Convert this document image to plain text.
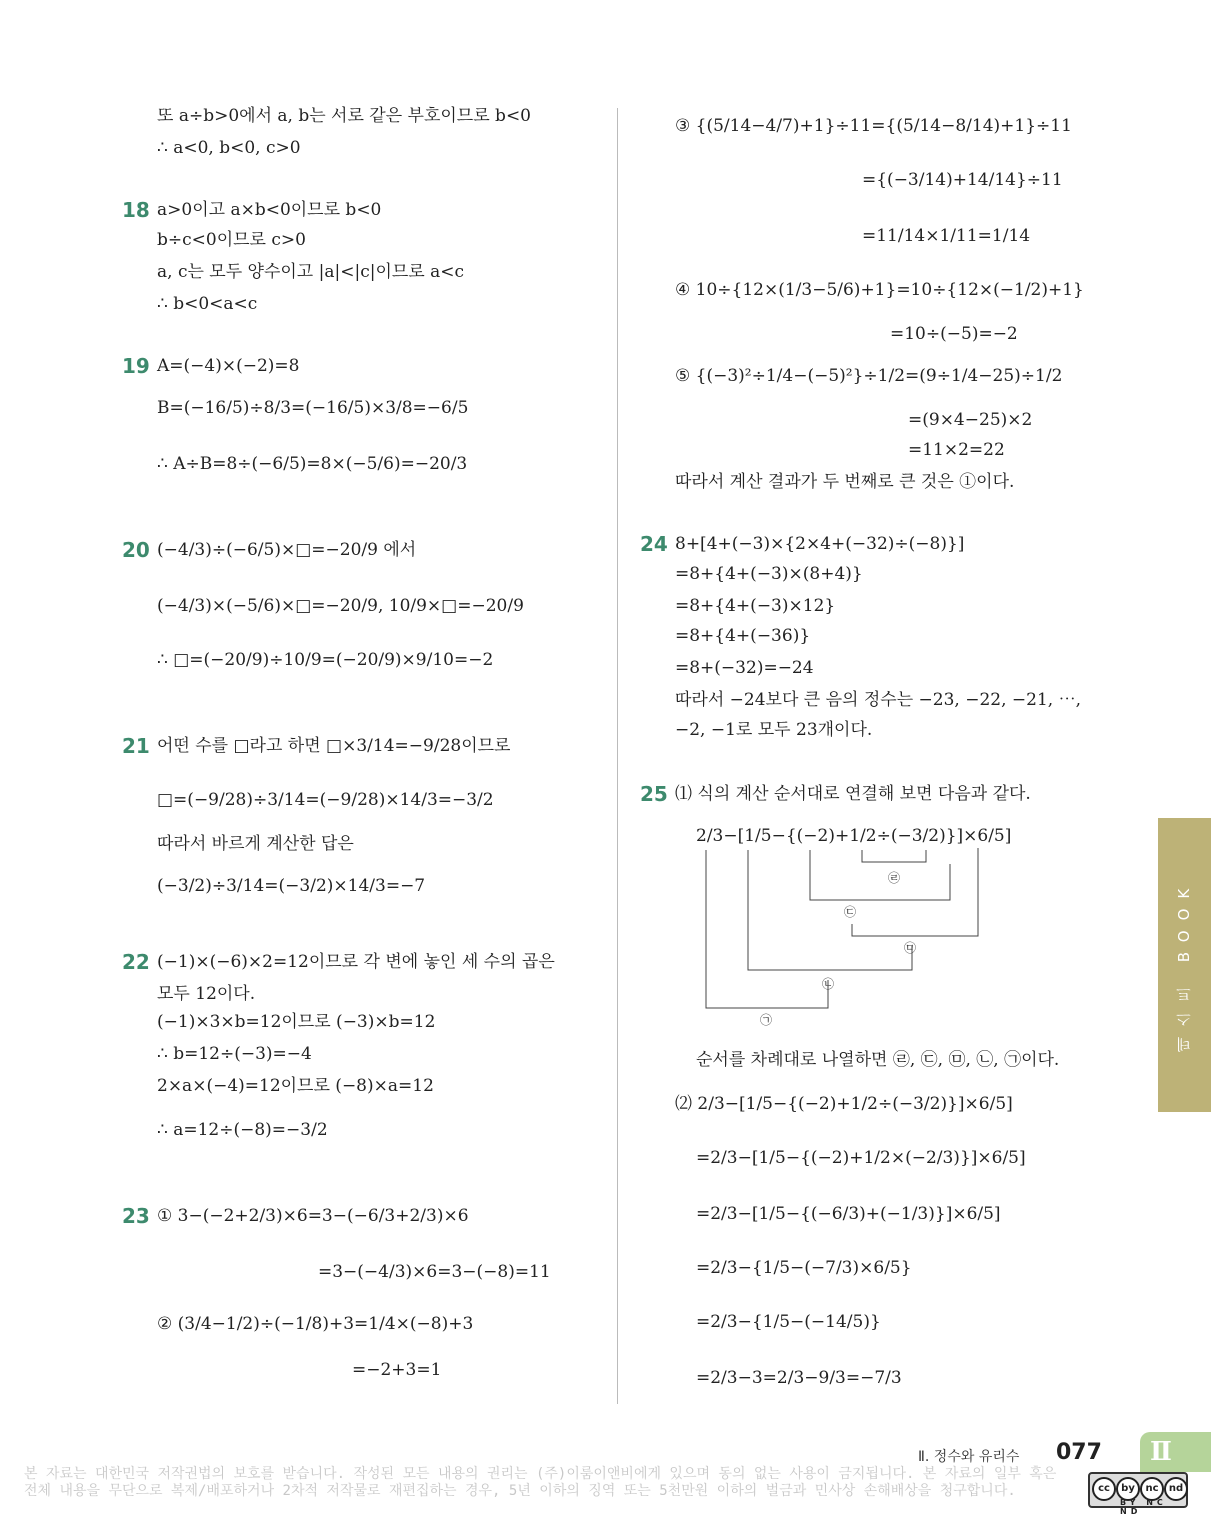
또 a÷b>0에서 a, b는 서로 같은 부호이므로 b<0
∴ a<0, b<0, c>0
18 a>0이고 a×b<0이므로 b<0
b÷c<0이므로 c>0
a, c는 모두 양수이고 |a|<|c|이므로 a<c
∴ b<0<a<c
19 A=(−4)×(−2)=8
B=(−16/5)÷8/3=(−16/5)×3/8=−6/5
∴ A÷B=8÷(−6/5)=8×(−5/6)=−20/3
20 (−4/3)÷(−6/5)×□=−20/9 에서
(−4/3)×(−5/6)×□=−20/9, 10/9×□=−20/9
∴ □=(−20/9)÷10/9=(−20/9)×9/10=−2
21 어떤 수를 □라고 하면 □×3/14=−9/28이므로
□=(−9/28)÷3/14=(−9/28)×14/3=−3/2
따라서 바르게 계산한 답은
(−3/2)÷3/14=(−3/2)×14/3=−7
22 (−1)×(−6)×2=12이므로 각 변에 놓인 세 수의 곱은
모두 12이다.
(−1)×3×b=12이므로 (−3)×b=12
∴ b=12÷(−3)=−4
2×a×(−4)=12이므로 (−8)×a=12
∴ a=12÷(−8)=−3/2
23 ① 3−(−2+2/3)×6=3−(−6/3+2/3)×6
=3−(−4/3)×6=3−(−8)=11
② (3/4−1/2)÷(−1/8)+3=1/4×(−8)+3
=−2+3=1
③ {(5/14−4/7)+1}÷11={(5/14−8/14)+1}÷11
={(−3/14)+14/14}÷11
=11/14×1/11=1/14
④ 10÷{12×(1/3−5/6)+1}=10÷{12×(−1/2)+1}
=10÷(−5)=−2
⑤ {(−3)²÷1/4−(−5)²}÷1/2=(9÷1/4−25)÷1/2
=(9×4−25)×2
=11×2=22
따라서 계산 결과가 두 번째로 큰 것은 ①이다.
24 8+[4+(−3)×{2×4+(−32)÷(−8)}]
=8+{4+(−3)×(8+4)}
=8+{4+(−3)×12}
=8+{4+(−36)}
=8+(−32)=−24
따라서 −24보다 큰 음의 정수는 −23, −22, −21, ⋯,
−2, −1로 모두 23개이다.
25 ⑴ 식의 계산 순서대로 연결해 보면 다음과 같다.
2/3−[1/5−{(−2)+1/2÷(−3/2)}]×6/5]
㉣
㉢
㉤
㉡
㉠
순서를 차례대로 나열하면 ㉣, ㉢, ㉤, ㉡, ㉠이다.
⑵ 2/3−[1/5−{(−2)+1/2÷(−3/2)}]×6/5]
=2/3−[1/5−{(−2)+1/2×(−2/3)}]×6/5]
=2/3−[1/5−{(−6/3)+(−1/3)}]×6/5]
=2/3−{1/5−(−7/3)×6/5}
=2/3−{1/5−(−14/5)}
=2/3−3=2/3−9/3=−7/3
테스트 BOOK
Ⅱ. 정수와 유리수 077	Ⅱ
본 자료는 대한민국 저작권법의 보호를 받습니다. 작성된 모든 내용의 권리는 (주)이룸이앤비에게 있으며 동의 없는 사용이 금지됩니다. 본 자료의 일부 혹은 전체 내용을 무단으로 복제/배포하거나 2차적 저작물로 재편집하는 경우, 5년 이하의 징역 또는 5천만원 이하의 벌금과 민사상 손해배상을 청구합니다.	cc	by	nc	nd
BY NC ND
